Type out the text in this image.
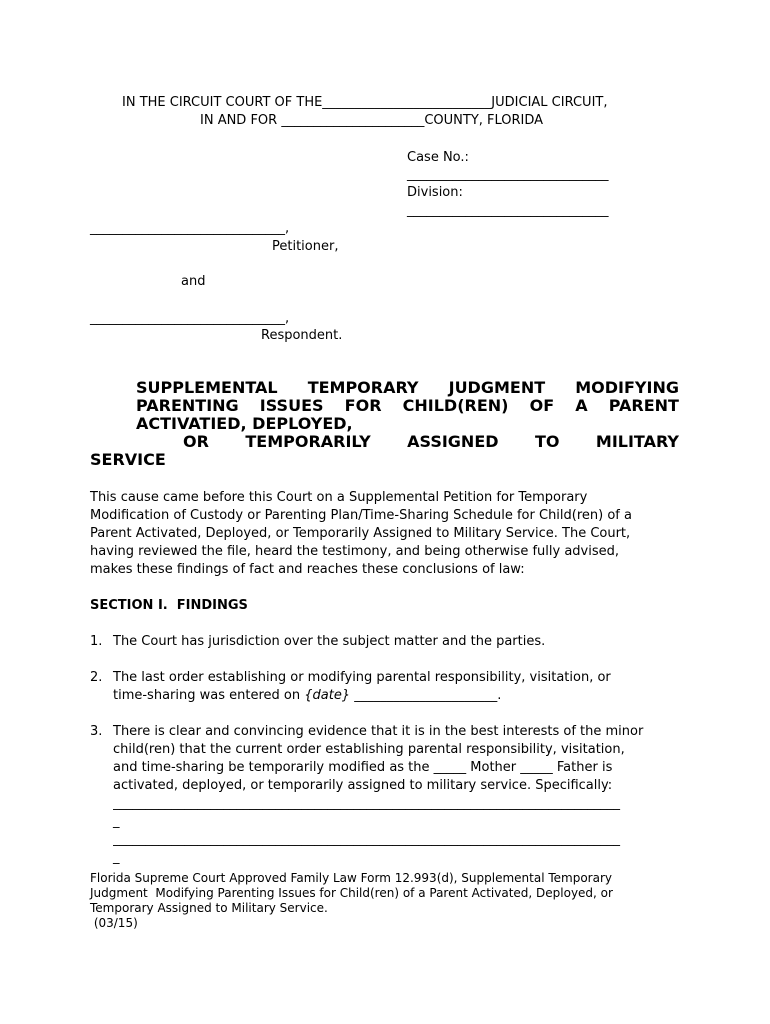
IN THE CIRCUIT COURT OF THE__________________________JUDICIAL CIRCUIT,
IN AND FOR ______________________COUNTY, FLORIDA
Case No.:
_______________________________
Division:
_______________________________
______________________________,
Petitioner,
and
______________________________,
Respondent.
SUPPLEMENTAL TEMPORARY JUDGMENT MODIFYING
PARENTING ISSUES FOR CHILD(REN) OF A PARENT
ACTIVATIED, DEPLOYED,
OR TEMPORARILY ASSIGNED TO MILITARY
SERVICE
This cause came before this Court on a Supplemental Petition for Temporary
Modification of Custody or Parenting Plan/Time-Sharing Schedule for Child(ren) of a
Parent Activated, Deployed, or Temporarily Assigned to Military Service. The Court,
having reviewed the file, heard the testimony, and being otherwise fully advised,
makes these findings of fact and reaches these conclusions of law:
SECTION I.  FINDINGS
1. The Court has jurisdiction over the subject matter and the parties.
2. The last order establishing or modifying parental responsibility, visitation, or
time-sharing was entered on {date} ______________________.
3. There is clear and convincing evidence that it is in the best interests of the minor
child(ren) that the current order establishing parental responsibility, visitation,
and time-sharing be temporarily modified as the _____ Mother _____ Father is
activated, deployed, or temporarily assigned to military service. Specifically:
______________________________________________________________________________
_
______________________________________________________________________________
_
Florida Supreme Court Approved Family Law Form 12.993(d), Supplemental Temporary
Judgment  Modifying Parenting Issues for Child(ren) of a Parent Activated, Deployed, or
Temporary Assigned to Military Service.
(03/15)
